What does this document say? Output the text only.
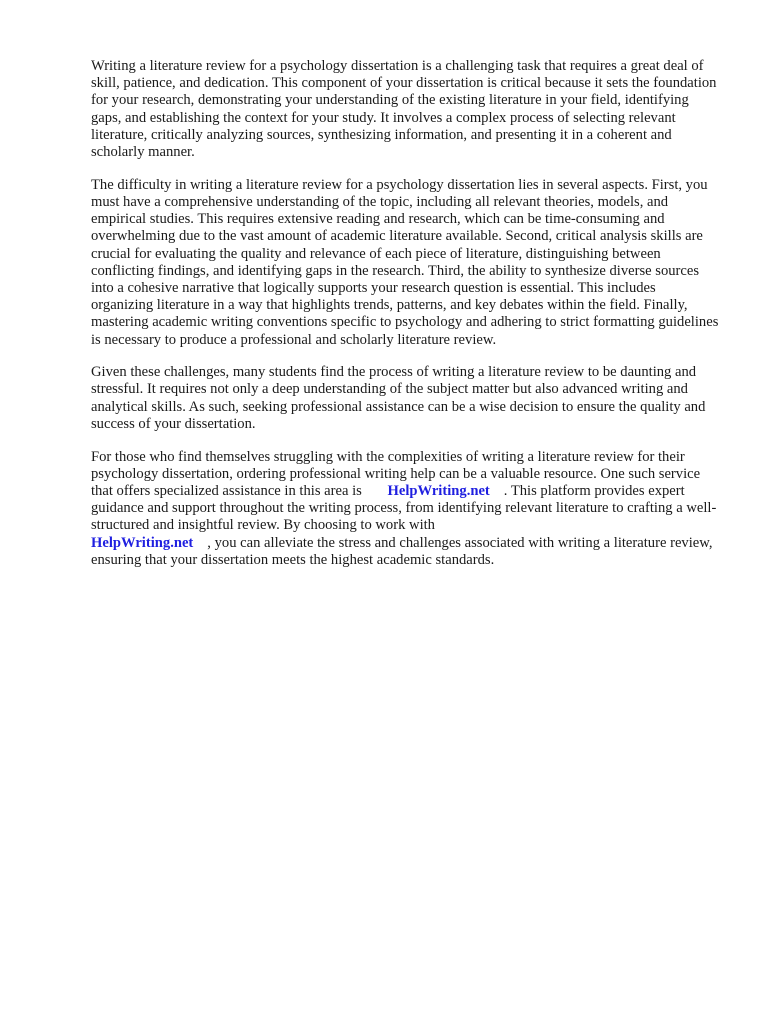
Writing a literature review for a psychology dissertation is a challenging task that requires a great deal of skill, patience, and dedication. This component of your dissertation is critical because it sets the foundation for your research, demonstrating your understanding of the existing literature in your field, identifying gaps, and establishing the context for your study. It involves a complex process of selecting relevant literature, critically analyzing sources, synthesizing information, and presenting it in a coherent and scholarly manner.

The difficulty in writing a literature review for a psychology dissertation lies in several aspects. First, you must have a comprehensive understanding of the topic, including all relevant theories, models, and empirical studies. This requires extensive reading and research, which can be time-consuming and overwhelming due to the vast amount of academic literature available. Second, critical analysis skills are crucial for evaluating the quality and relevance of each piece of literature, distinguishing between conflicting findings, and identifying gaps in the research. Third, the ability to synthesize diverse sources into a cohesive narrative that logically supports your research question is essential. This includes organizing literature in a way that highlights trends, patterns, and key debates within the field. Finally, mastering academic writing conventions specific to psychology and adhering to strict formatting guidelines is necessary to produce a professional and scholarly literature review.

Given these challenges, many students find the process of writing a literature review to be daunting and stressful. It requires not only a deep understanding of the subject matter but also advanced writing and analytical skills. As such, seeking professional assistance can be a wise decision to ensure the quality and success of your dissertation.

For those who find themselves struggling with the complexities of writing a literature review for their psychology dissertation, ordering professional writing help can be a valuable resource. One such service that offers specialized assistance in this area is HelpWriting.net . This platform provides expert guidance and support throughout the writing process, from identifying relevant literature to crafting a well-structured and insightful review. By choosing to work with
HelpWriting.net , you can alleviate the stress and challenges associated with writing a literature review, ensuring that your dissertation meets the highest academic standards.
